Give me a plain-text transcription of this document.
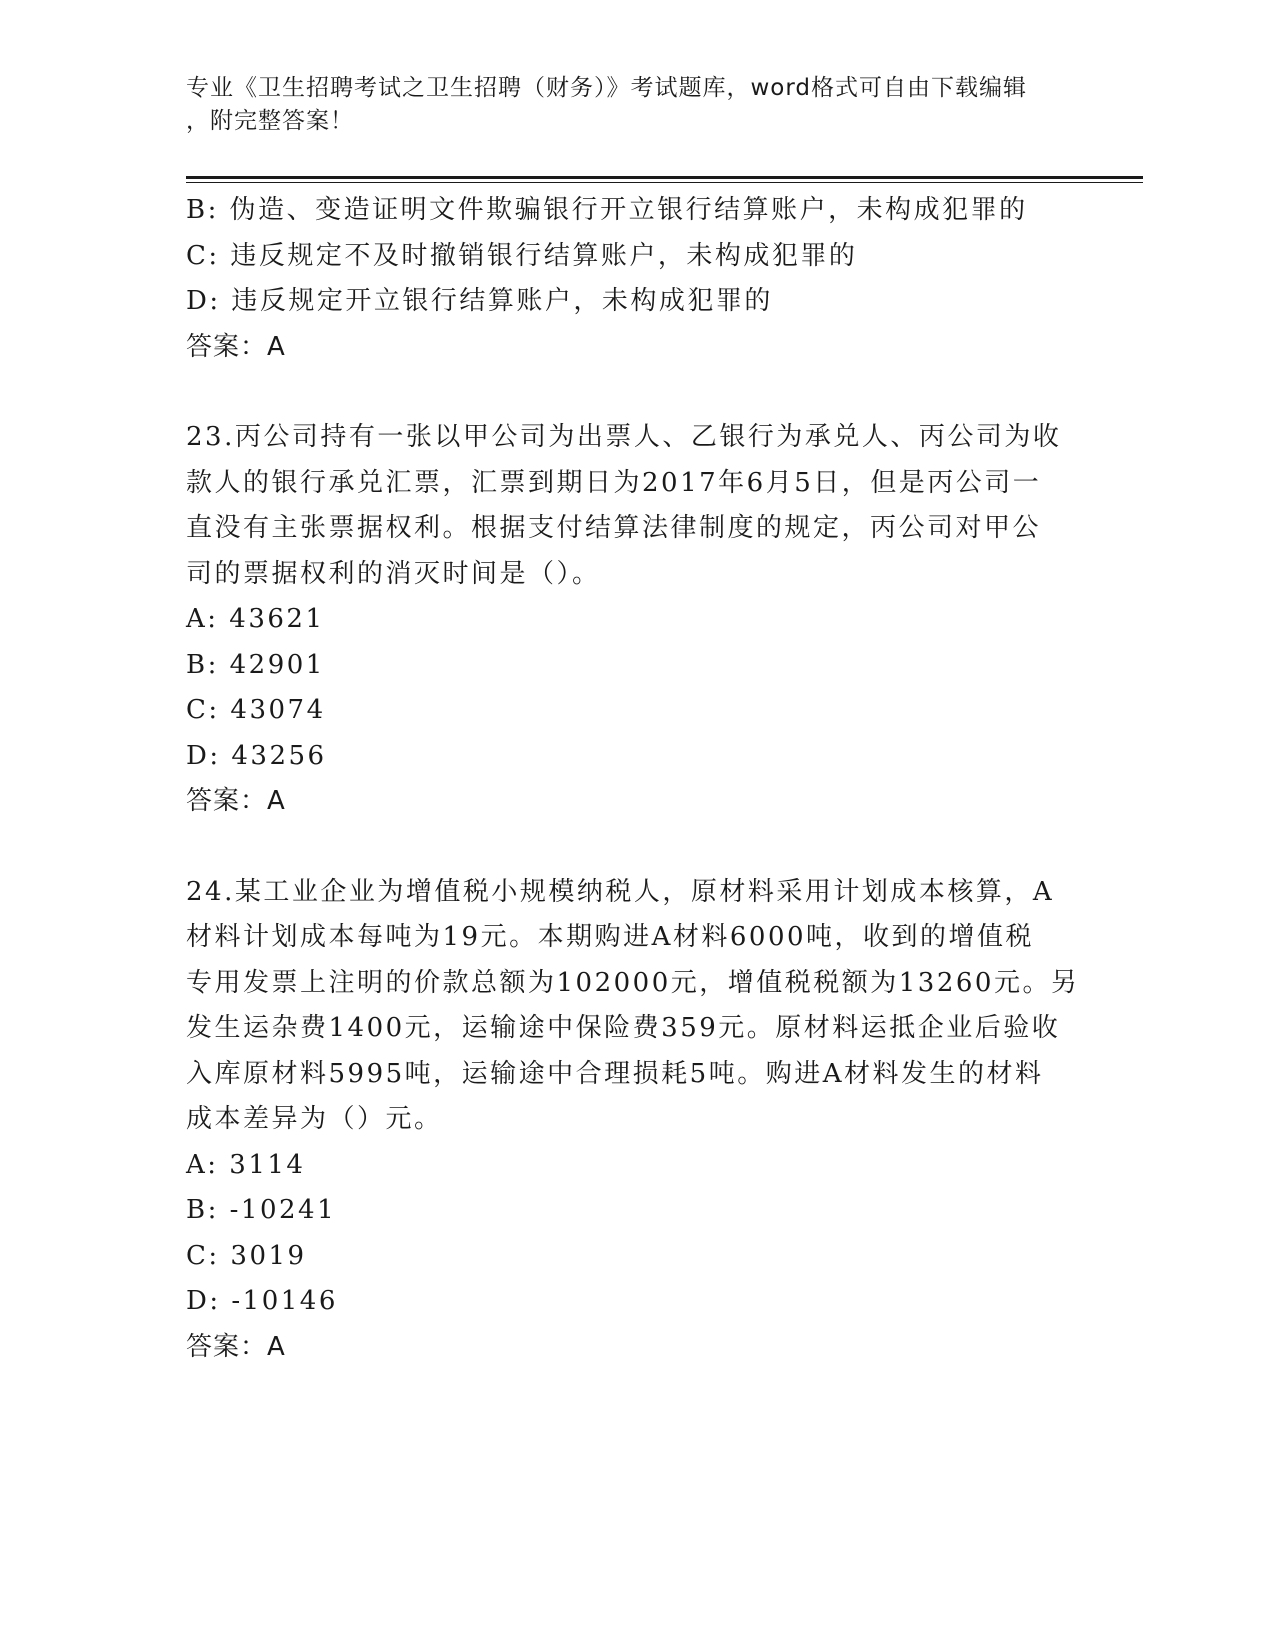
专业《卫生招聘考试之卫生招聘（财务）》考试题库，word格式可自由下载编辑
，附完整答案！
B: 伪造、变造证明文件欺骗银行开立银行结算账户，未构成犯罪的
C: 违反规定不及时撤销银行结算账户，未构成犯罪的
D: 违反规定开立银行结算账户，未构成犯罪的
答案：A
23.丙公司持有一张以甲公司为出票人、乙银行为承兑人、丙公司为收
款人的银行承兑汇票，汇票到期日为2017年6月5日，但是丙公司一
直没有主张票据权利。根据支付结算法律制度的规定，丙公司对甲公
司的票据权利的消灭时间是（）。
A: 43621
B: 42901
C: 43074
D: 43256
答案：A
24.某工业企业为增值税小规模纳税人，原材料采用计划成本核算，A
材料计划成本每吨为19元。本期购进A材料6000吨，收到的增值税
专用发票上注明的价款总额为102000元，增值税税额为13260元。另
发生运杂费1400元，运输途中保险费359元。原材料运抵企业后验收
入库原材料5995吨，运输途中合理损耗5吨。购进A材料发生的材料
成本差异为（）元。
A: 3114
B: -10241
C: 3019
D: -10146
答案：A
